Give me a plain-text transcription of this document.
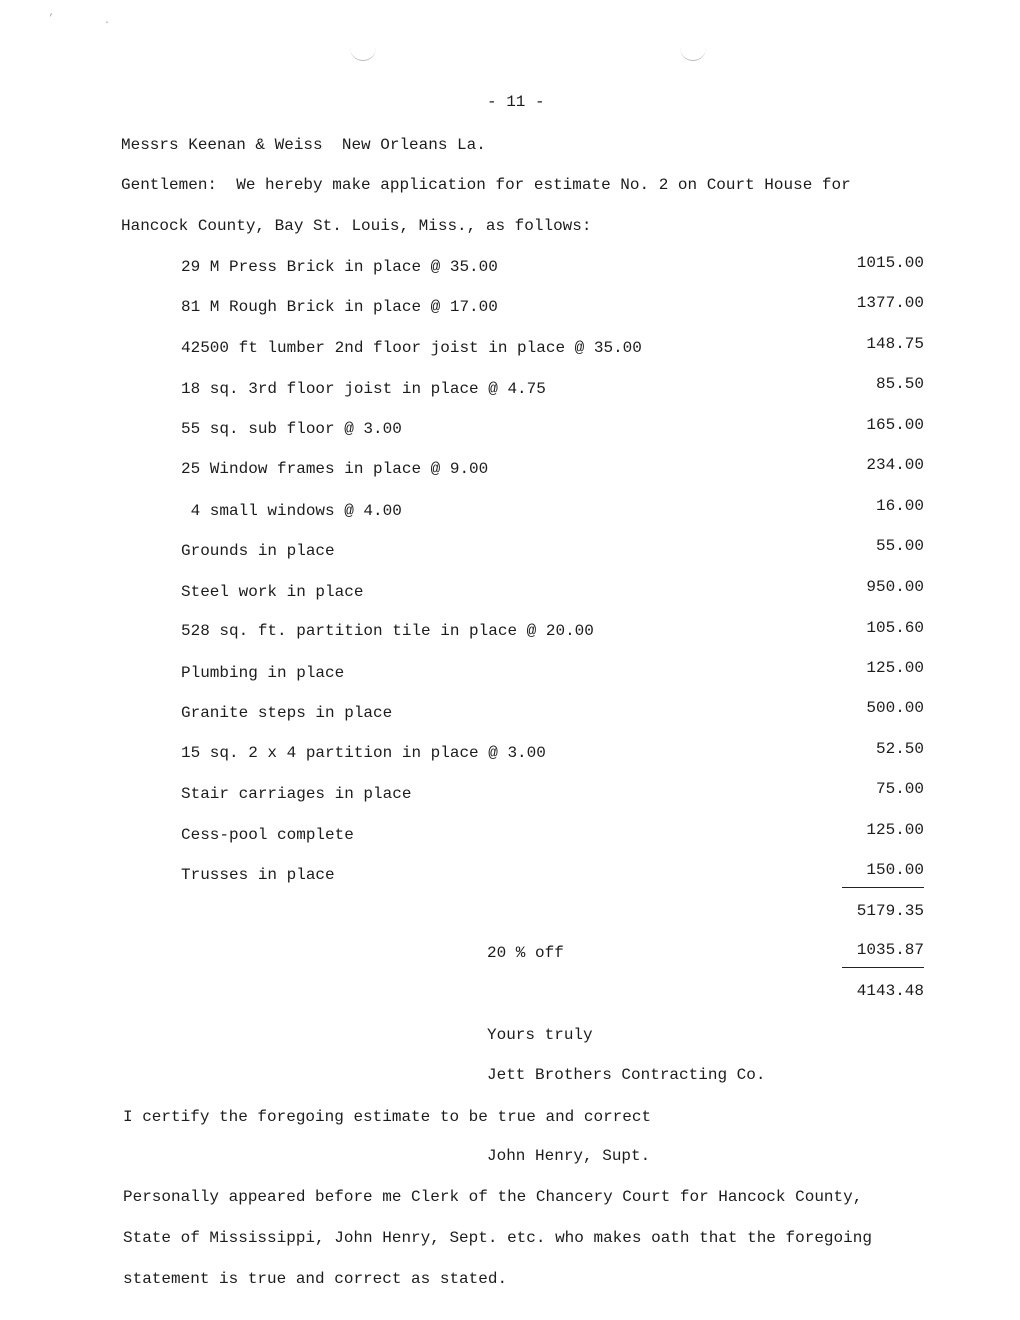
’	·
- 11 -
Messrs Keenan & Weiss  New Orleans La.
Gentlemen:  We hereby make application for estimate No. 2 on Court House for
Hancock County, Bay St. Louis, Miss., as follows:
29 M Press Brick in place @ 35.00	1015.00
81 M Rough Brick in place @ 17.00	1377.00
42500 ft lumber 2nd floor joist in place @ 35.00	148.75
18 sq. 3rd floor joist in place @ 4.75	85.50
55 sq. sub floor @ 3.00	165.00
25 Window frames in place @ 9.00	234.00
4 small windows @ 4.00	16.00
Grounds in place	55.00
Steel work in place	950.00
528 sq. ft. partition tile in place @ 20.00	105.60
Plumbing in place	125.00
Granite steps in place	500.00
15 sq. 2 x 4 partition in place @ 3.00	52.50
Stair carriages in place	75.00
Cess-pool complete	125.00
Trusses in place	150.00
5179.35
20 % off	1035.87
4143.48
Yours truly
Jett Brothers Contracting Co.
I certify the foregoing estimate to be true and correct
John Henry, Supt.
Personally appeared before me Clerk of the Chancery Court for Hancock County,
State of Mississippi, John Henry, Sept. etc. who makes oath that the foregoing
statement is true and correct as stated.
